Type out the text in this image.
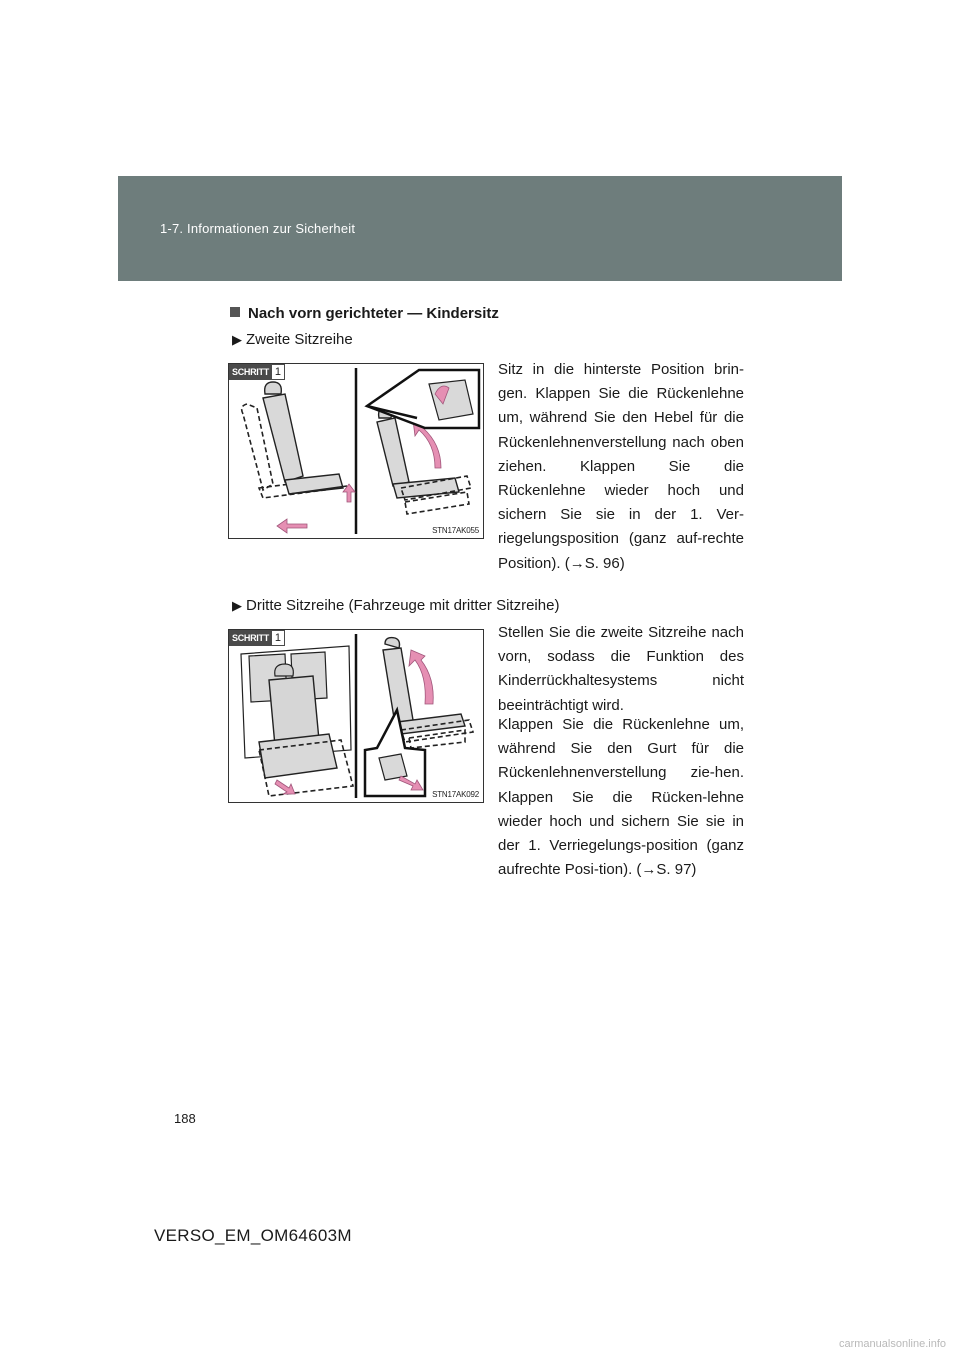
1-7. Informationen zur Sicherheit
Nach vorn gerichteter — Kindersitz
▶ Zweite Sitzreihe
SCHRITT 1
STN17AK055

Sitz in die hinterste Position brin-gen. Klappen Sie die Rückenlehne um, während Sie den Hebel für die Rückenlehnenverstellung nach oben ziehen. Klappen Sie die Rückenlehne wieder hoch und sichern Sie sie in der 1. Ver-riegelungsposition (ganz auf-rechte Position). (→S. 96)

▶ Dritte Sitzreihe (Fahrzeuge mit dritter Sitzreihe)
SCHRITT 1
STN17AK092

Stellen Sie die zweite Sitzreihe nach vorn, sodass die Funktion des Kinderrückhaltesystems nicht beeinträchtigt wird.

Klappen Sie die Rückenlehne um, während Sie den Gurt für die Rückenlehnenverstellung zie-hen. Klappen Sie die Rücken-lehne wieder hoch und sichern Sie sie in der 1. Verriegelungs-position (ganz aufrechte Posi-tion). (→S. 97)

188
VERSO_EM_OM64603M
carmanualsonline.info
